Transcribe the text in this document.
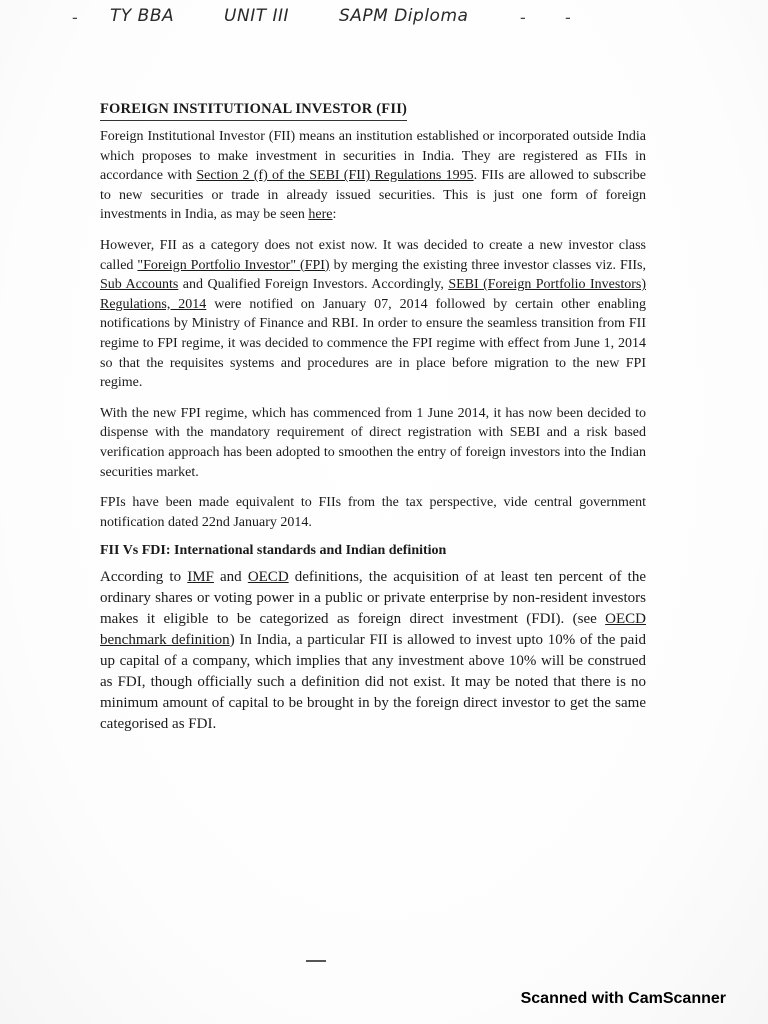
TY BBA	UNIT III	SAPM Diploma
-	- -
FOREIGN INSTITUTIONAL INVESTOR (FII)

Foreign Institutional Investor (FII) means an institution established or incorporated outside India which proposes to make investment in securities in India. They are registered as FIIs in accordance with Section 2 (f) of the SEBI (FII) Regulations 1995. FIIs are allowed to subscribe to new securities or trade in already issued securities. This is just one form of foreign investments in India, as may be seen here:

However, FII as a category does not exist now. It was decided to create a new investor class called "Foreign Portfolio Investor" (FPI) by merging the existing three investor classes viz. FIIs, Sub Accounts and Qualified Foreign Investors. Accordingly, SEBI (Foreign Portfolio Investors) Regulations, 2014 were notified on January 07, 2014 followed by certain other enabling notifications by Ministry of Finance and RBI. In order to ensure the seamless transition from FII regime to FPI regime, it was decided to commence the FPI regime with effect from June 1, 2014 so that the requisites systems and procedures are in place before migration to the new FPI regime.

With the new FPI regime, which has commenced from 1 June 2014, it has now been decided to dispense with the mandatory requirement of direct registration with SEBI and a risk based verification approach has been adopted to smoothen the entry of foreign investors into the Indian securities market.

FPIs have been made equivalent to FIIs from the tax perspective, vide central government notification dated 22nd January 2014.

FII Vs FDI: International standards and Indian definition

According to IMF and OECD definitions, the acquisition of at least ten percent of the ordinary shares or voting power in a public or private enterprise by non-resident investors makes it eligible to be categorized as foreign direct investment (FDI). (see OECD benchmark definition) In India, a particular FII is allowed to invest upto 10% of the paid up capital of a company, which implies that any investment above 10% will be construed as FDI, though officially such a definition did not exist. It may be noted that there is no minimum amount of capital to be brought in by the foreign direct investor to get the same categorised as FDI.

Scanned with CamScanner
